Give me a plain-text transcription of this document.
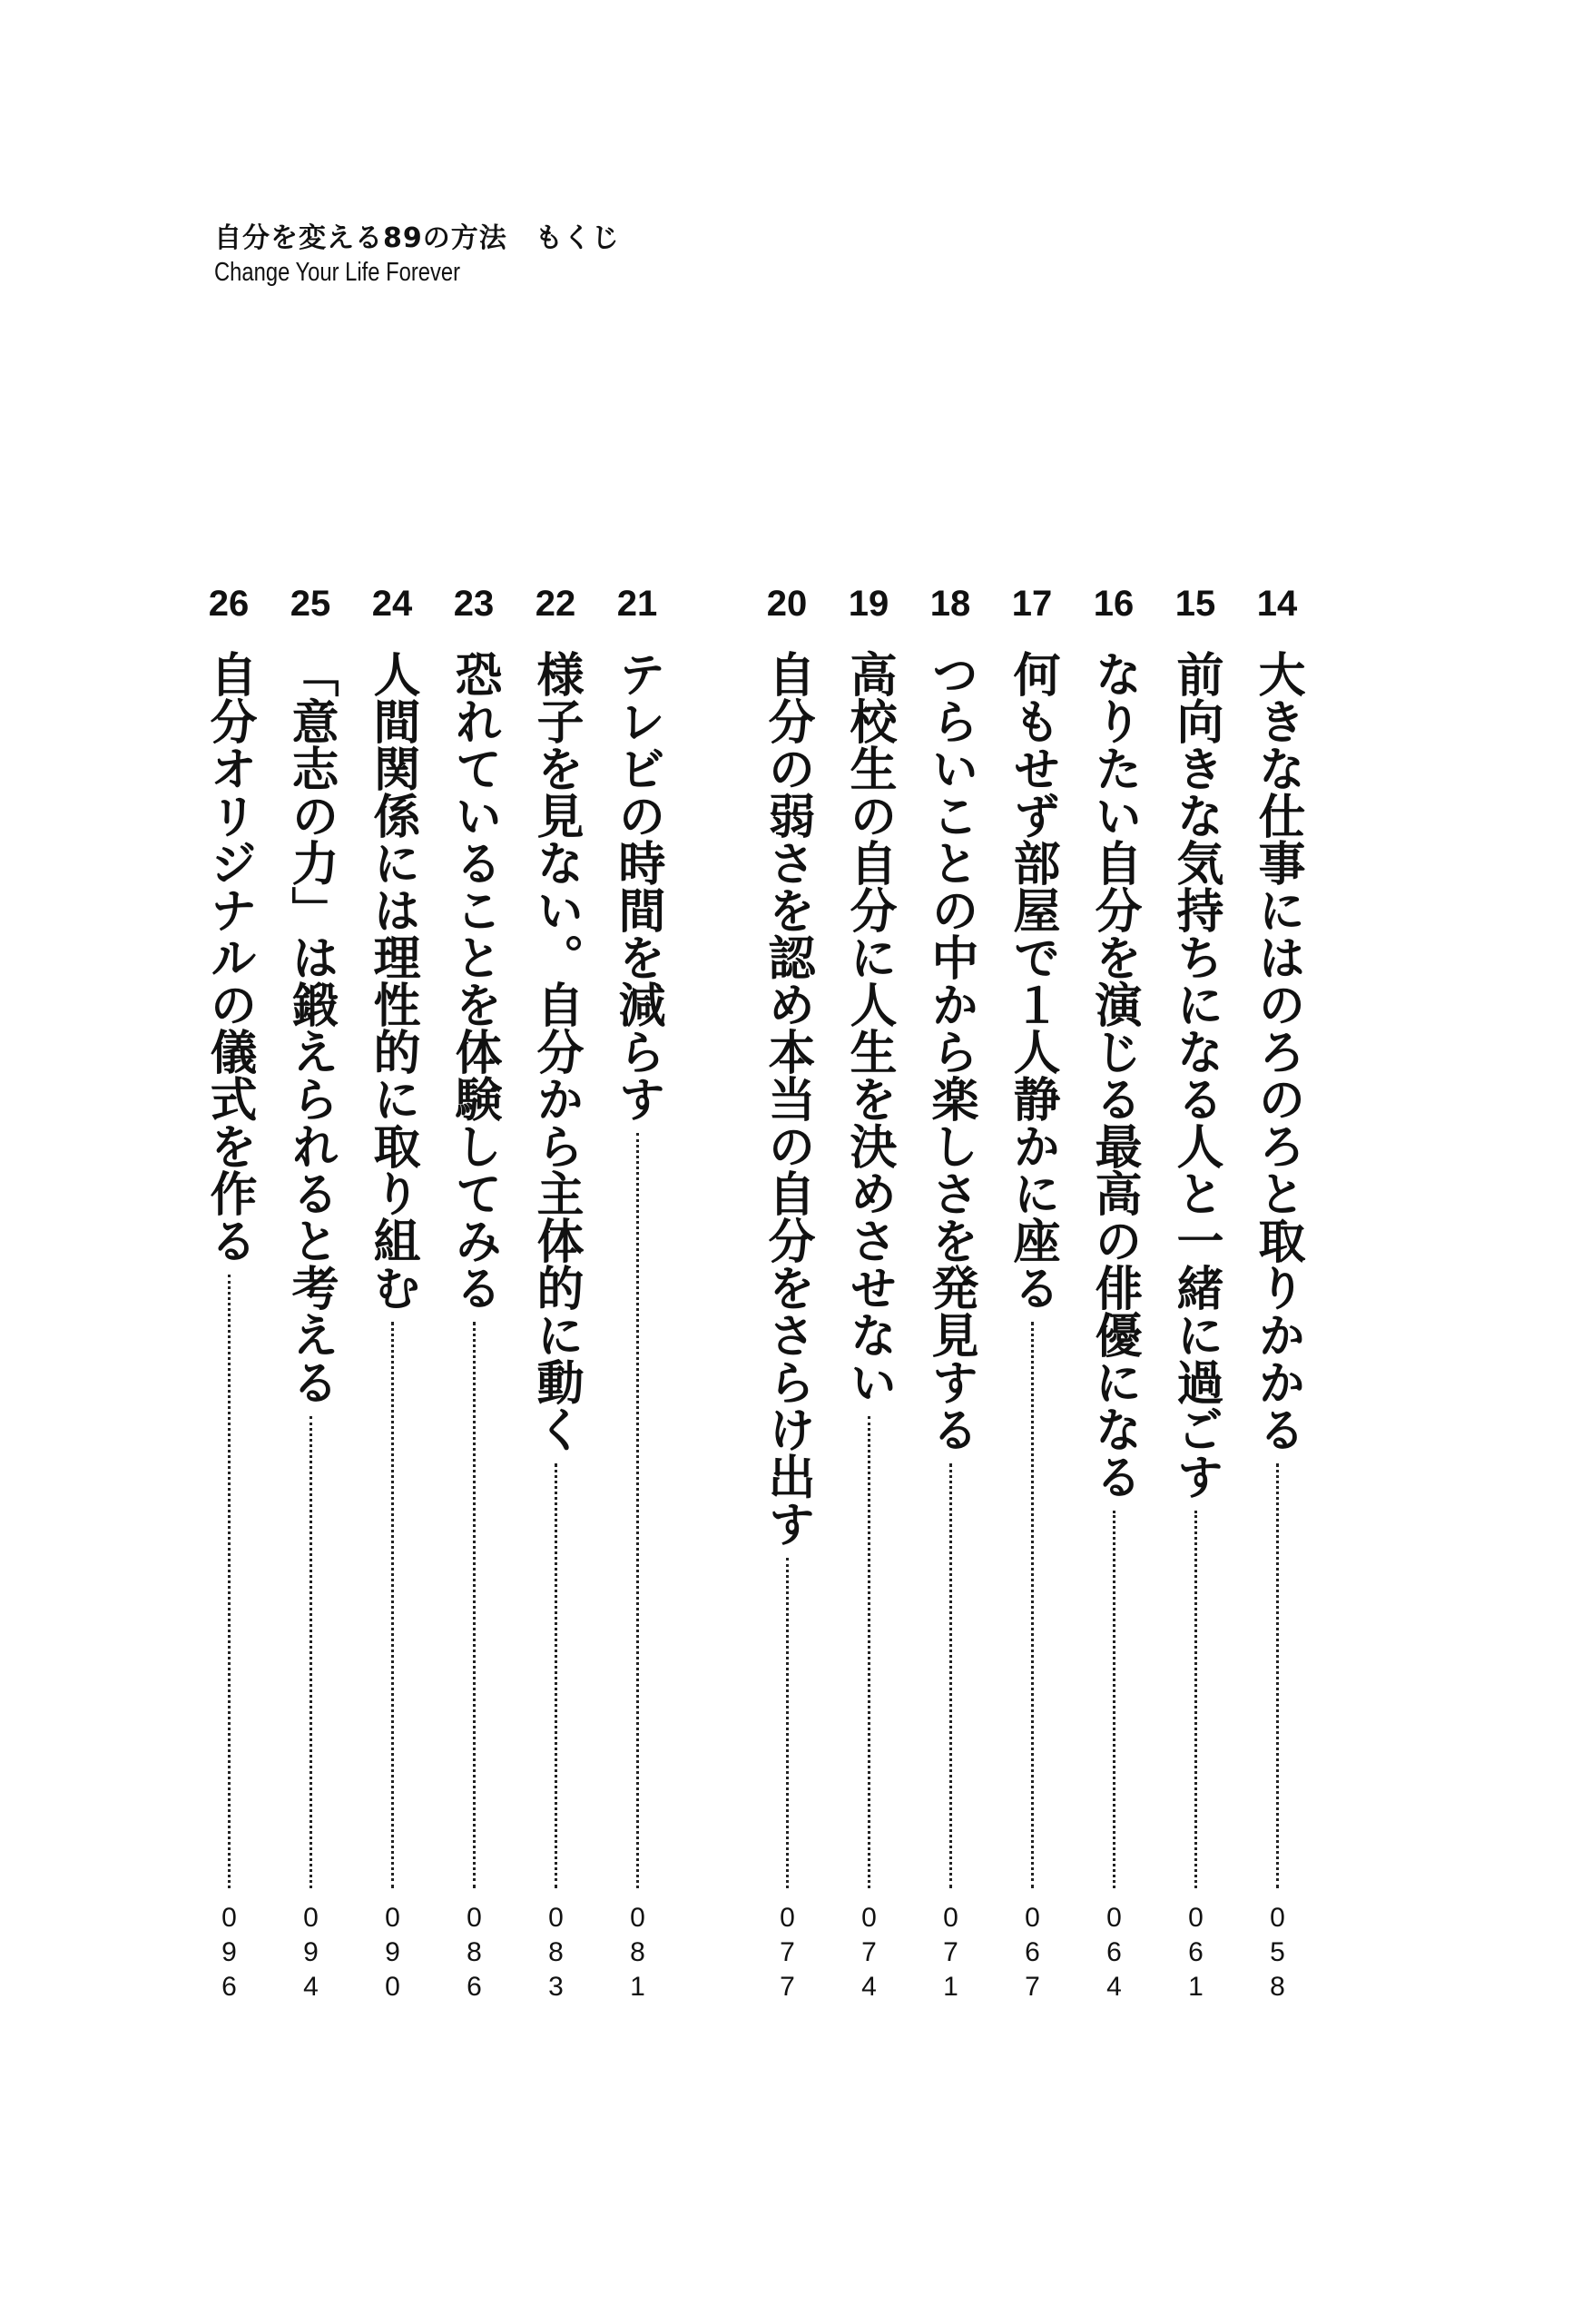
自分を変える89の方法　もくじ
Change Your Life Forever
14
大きな仕事にはのろのろと取りかかる
058
15
前向きな気持ちになる人と一緒に過ごす
061
16
なりたい自分を演じる最高の俳優になる
064
17
何もせず部屋で１人静かに座る
067
18
つらいことの中から楽しさを発見する
071
19
高校生の自分に人生を決めさせない
074
20
自分の弱さを認め本当の自分をさらけ出す
077
21
テレビの時間を減らす
081
22
様子を見ない。自分から主体的に動く
083
23
恐れていることを体験してみる
086
24
人間関係には理性的に取り組む
090
25
「意志の力」は鍛えられると考える
094
26
自分オリジナルの儀式を作る
096
